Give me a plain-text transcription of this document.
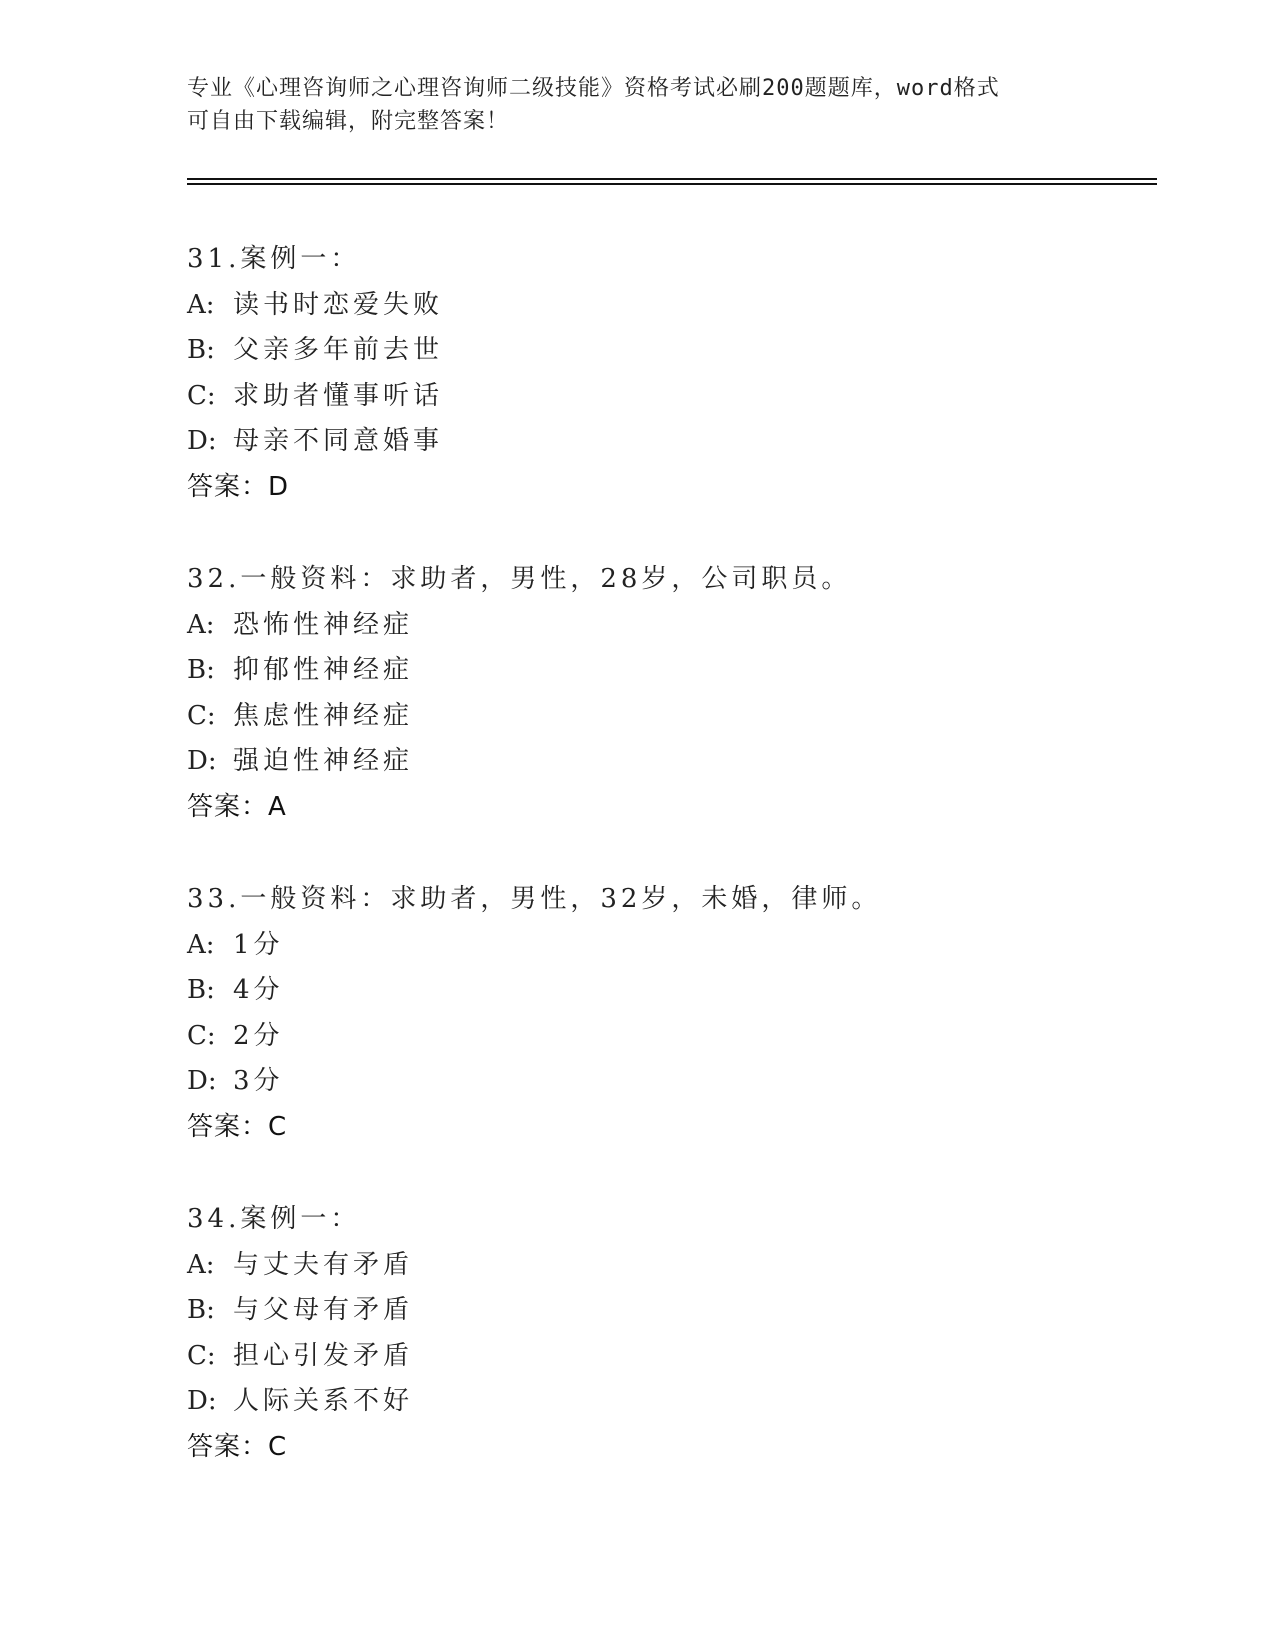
专业《心理咨询师之心理咨询师二级技能》资格考试必刷200题题库，word格式
可自由下载编辑，附完整答案！
31.案例一：
A: 读书时恋爱失败
B: 父亲多年前去世
C: 求助者懂事听话
D: 母亲不同意婚事
答案：D
32.一般资料：求助者，男性，28岁，公司职员。
A: 恐怖性神经症
B: 抑郁性神经症
C: 焦虑性神经症
D: 强迫性神经症
答案：A
33.一般资料：求助者，男性，32岁，未婚，律师。
A: 1分
B: 4分
C: 2分
D: 3分
答案：C
34.案例一：
A: 与丈夫有矛盾
B: 与父母有矛盾
C: 担心引发矛盾
D: 人际关系不好
答案：C
